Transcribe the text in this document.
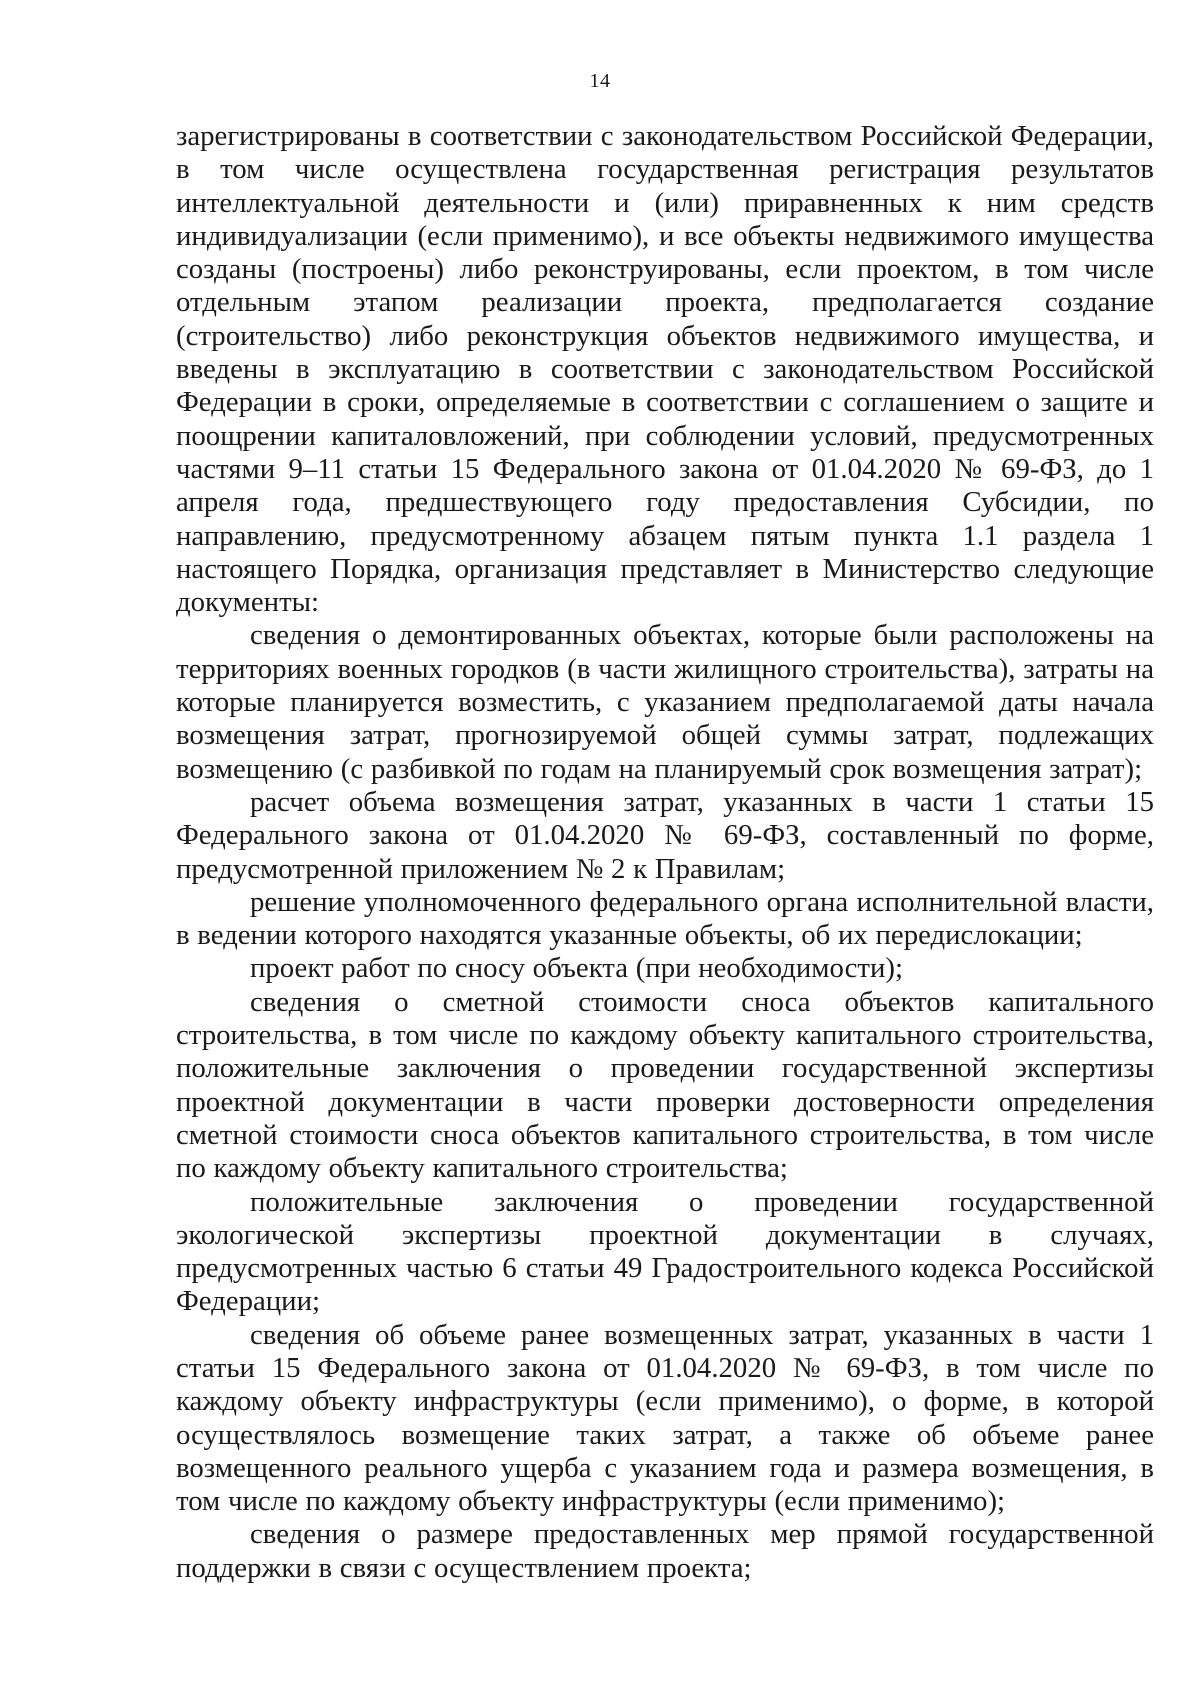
14

зарегистрированы в соответствии с законодательством Российской Федерации, в том числе осуществлена государственная регистрация результатов интеллектуальной деятельности и (или) приравненных к ним средств индивидуализации (если применимо), и все объекты недвижимого имущества созданы (построены) либо реконструированы, если проектом, в том числе отдельным этапом реализации проекта, предполагается создание (строительство) либо реконструкция объектов недвижимого имущества, и введены в эксплуатацию в соответствии с законодательством Российской Федерации в сроки, определяемые в соответствии с соглашением о защите и поощрении капиталовложений, при соблюдении условий, предусмотренных частями 9–11 статьи 15 Федерального закона от 01.04.2020 № 69-ФЗ, до 1 апреля года, предшествующего году предоставления Субсидии, по направлению, предусмотренному абзацем пятым пункта 1.1 раздела 1 настоящего Порядка, организация представляет в Министерство следующие документы:

сведения о демонтированных объектах, которые были расположены на территориях военных городков (в части жилищного строительства), затраты на которые планируется возместить, с указанием предполагаемой даты начала возмещения затрат, прогнозируемой общей суммы затрат, подлежащих возмещению (с разбивкой по годам на планируемый срок возмещения затрат);

расчет объема возмещения затрат, указанных в части 1 статьи 15 Федерального закона от 01.04.2020 № 69-ФЗ, составленный по форме, предусмотренной приложением № 2 к Правилам;

решение уполномоченного федерального органа исполнительной власти, в ведении которого находятся указанные объекты, об их передислокации;

проект работ по сносу объекта (при необходимости);

сведения о сметной стоимости сноса объектов капитального строительства, в том числе по каждому объекту капитального строительства, положительные заключения о проведении государственной экспертизы проектной документации в части проверки достоверности определения сметной стоимости сноса объектов капитального строительства, в том числе по каждому объекту капитального строительства;

положительные заключения о проведении государственной экологической экспертизы проектной документации в случаях, предусмотренных частью 6 статьи 49 Градостроительного кодекса Российской Федерации;

сведения об объеме ранее возмещенных затрат, указанных в части 1 статьи 15 Федерального закона от 01.04.2020 № 69-ФЗ, в том числе по каждому объекту инфраструктуры (если применимо), о форме, в которой осуществлялось возмещение таких затрат, а также об объеме ранее возмещенного реального ущерба с указанием года и размера возмещения, в том числе по каждому объекту инфраструктуры (если применимо);

сведения о размере предоставленных мер прямой государственной поддержки в связи с осуществлением проекта;
